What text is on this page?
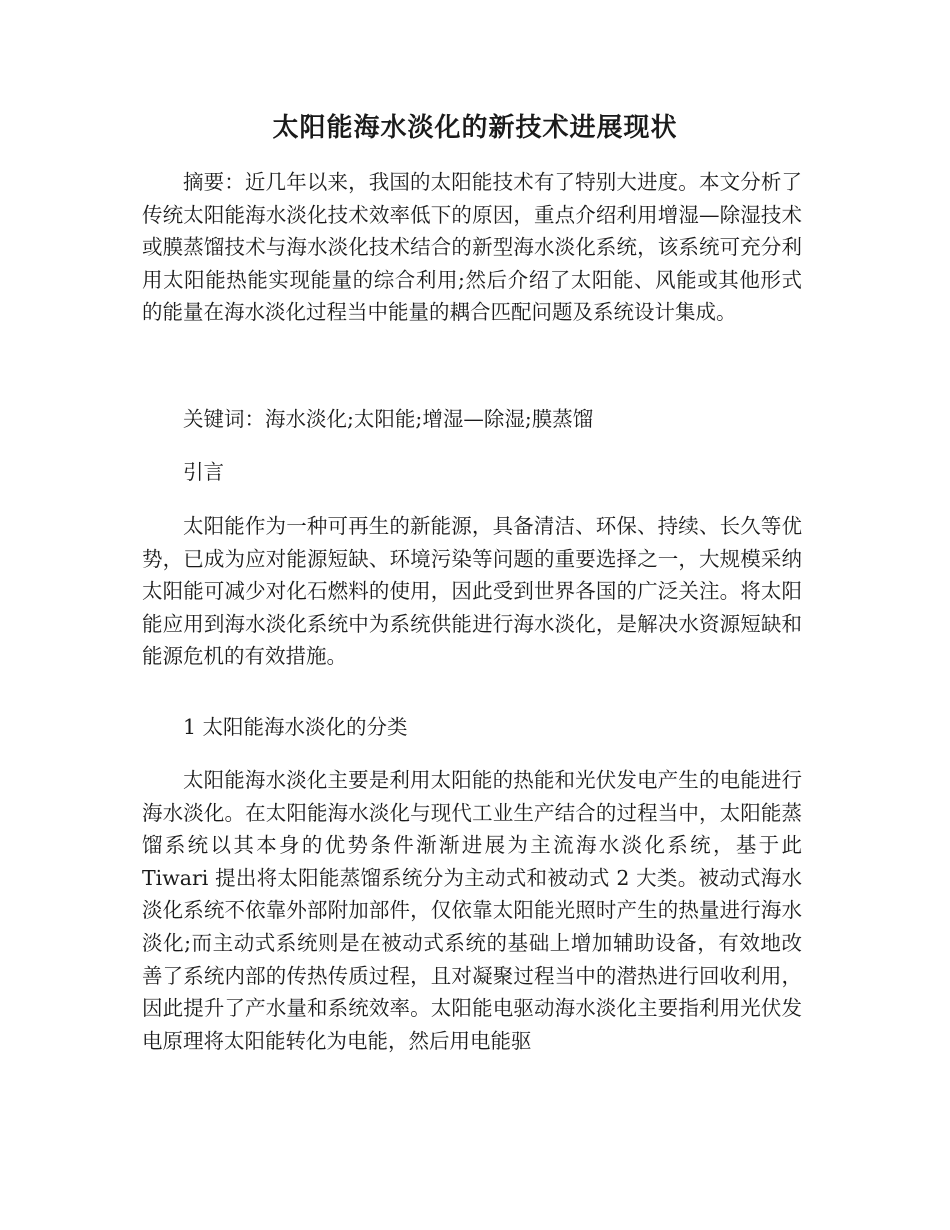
太阳能海水淡化的新技术进展现状

摘要：近几年以来，我国的太阳能技术有了特别大进度。本文分析了传统太阳能海水淡化技术效率低下的原因，重点介绍利用增湿—除湿技术或膜蒸馏技术与海水淡化技术结合的新型海水淡化系统，该系统可充分利用太阳能热能实现能量的综合利用;然后介绍了太阳能、风能或其他形式的能量在海水淡化过程当中能量的耦合匹配问题及系统设计集成。

关键词：海水淡化;太阳能;增湿—除湿;膜蒸馏

引言

太阳能作为一种可再生的新能源，具备清洁、环保、持续、长久等优势，已成为应对能源短缺、环境污染等问题的重要选择之一，大规模采纳太阳能可减少对化石燃料的使用，因此受到世界各国的广泛关注。将太阳能应用到海水淡化系统中为系统供能进行海水淡化，是解决水资源短缺和能源危机的有效措施。

1 太阳能海水淡化的分类

太阳能海水淡化主要是利用太阳能的热能和光伏发电产生的电能进行海水淡化。在太阳能海水淡化与现代工业生产结合的过程当中，太阳能蒸馏系统以其本身的优势条件渐渐进展为主流海水淡化系统，基于此 Tiwari 提出将太阳能蒸馏系统分为主动式和被动式 2 大类。被动式海水淡化系统不依靠外部附加部件，仅依靠太阳能光照时产生的热量进行海水淡化;而主动式系统则是在被动式系统的基础上增加辅助设备，有效地改善了系统内部的传热传质过程，且对凝聚过程当中的潜热进行回收利用，因此提升了产水量和系统效率。太阳能电驱动海水淡化主要指利用光伏发电原理将太阳能转化为电能，然后用电能驱
